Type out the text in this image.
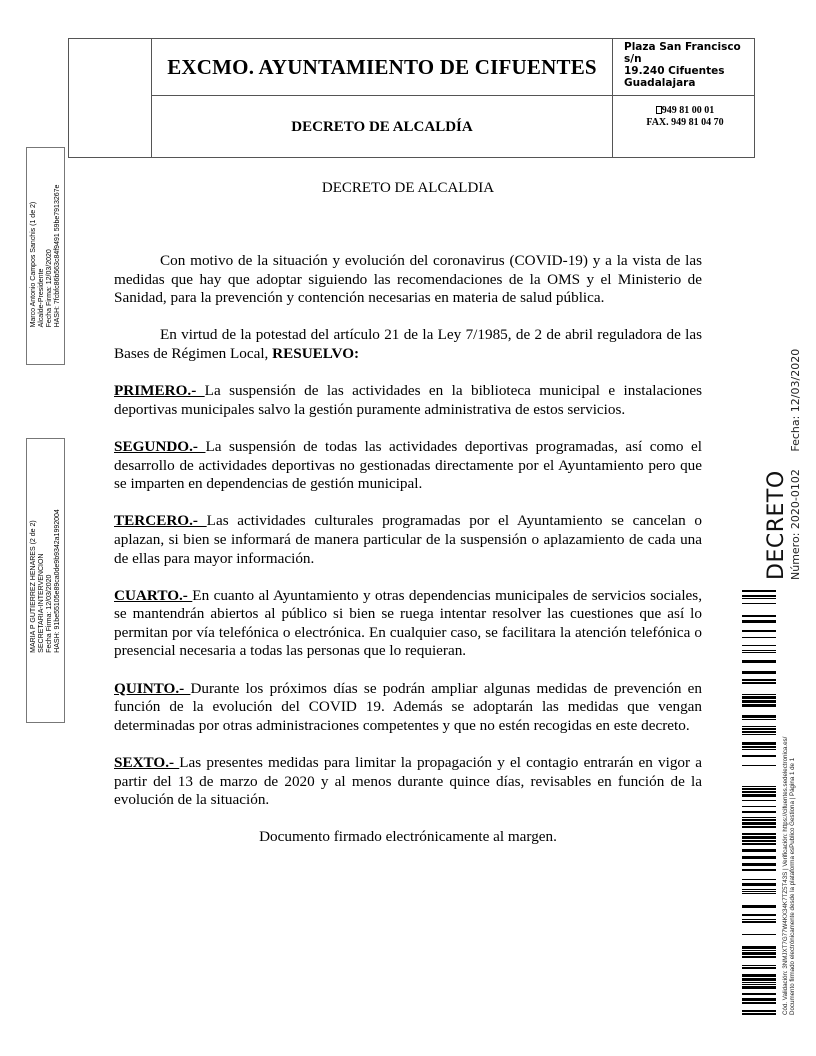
EXCMO. AYUNTAMIENTO DE CIFUENTES
DECRETO DE ALCALDÍA
Plaza San Francisco
s/n
19.240 Cifuentes
Guadalajara
949 81 00 01
FAX. 949 81 04 70
Marco Antonio Campos Sanchis (1 de 2) Alcalde-Presidente Fecha Firma: 12/03/2020 HASH: 7fcbfc86b563c84f9491 59be7913267e
MARIA P GUTIERREZ HENARES (2 de 2) SECRETARIA-INTERVENCION Fecha Firma: 12/03/2020 HASH: 91be55105e89ca0de9b9342a1992004
DECRETO DE ALCALDIA

Con motivo de la situación y evolución del coronavirus (COVID-19) y a la vista de las medidas que hay que adoptar siguiendo las recomendaciones de la OMS y el Ministerio de Sanidad, para la prevención y contención necesarias en materia de salud pública.

En virtud de la potestad del artículo 21 de la Ley 7/1985, de 2 de abril reguladora de las Bases de Régimen Local, RESUELVO:

PRIMERO.- La suspensión de las actividades en la biblioteca municipal e instalaciones deportivas municipales salvo la gestión puramente administrativa de estos servicios.

SEGUNDO.- La suspensión de todas las actividades deportivas programadas, así como el desarrollo de actividades deportivas no gestionadas directamente por el Ayuntamiento pero que se imparten en dependencias de gestión municipal.

TERCERO.- Las actividades culturales programadas por el Ayuntamiento se cancelan o aplazan, si bien se informará de manera particular de la suspensión o aplazamiento de cada una de ellas para mayor información.

CUARTO.- En cuanto al Ayuntamiento y otras dependencias municipales de servicios sociales, se mantendrán abiertos al público si bien se ruega intentar resolver las cuestiones que así lo permitan por vía telefónica o electrónica. En cualquier caso, se facilitara la atención telefónica o presencial necesaria a todas las personas que lo requieran.

QUINTO.- Durante los próximos días se podrán ampliar algunas medidas de prevención en función de la evolución del COVID 19. Además se adoptarán las medidas que vengan determinadas por otras administraciones competentes y que no estén recogidas en este decreto.

SEXTO.- Las presentes medidas para limitar la propagación y el contagio entrarán en vigor a partir del 13 de marzo de 2020 y al menos durante quince días, revisables en función de la evolución de la situación.

Documento firmado electrónicamente al margen.

DECRETO Número: 2020-0102     Fecha: 12/03/2020
Cód. Validación: 3NMJXT7G77W4KX34K7TZ5T43S | Verificación: https://cifuentes.sedelectronica.es/ Documento firmado electrónicamente desde la plataforma esPublico Gestiona | Página 1 de 1
